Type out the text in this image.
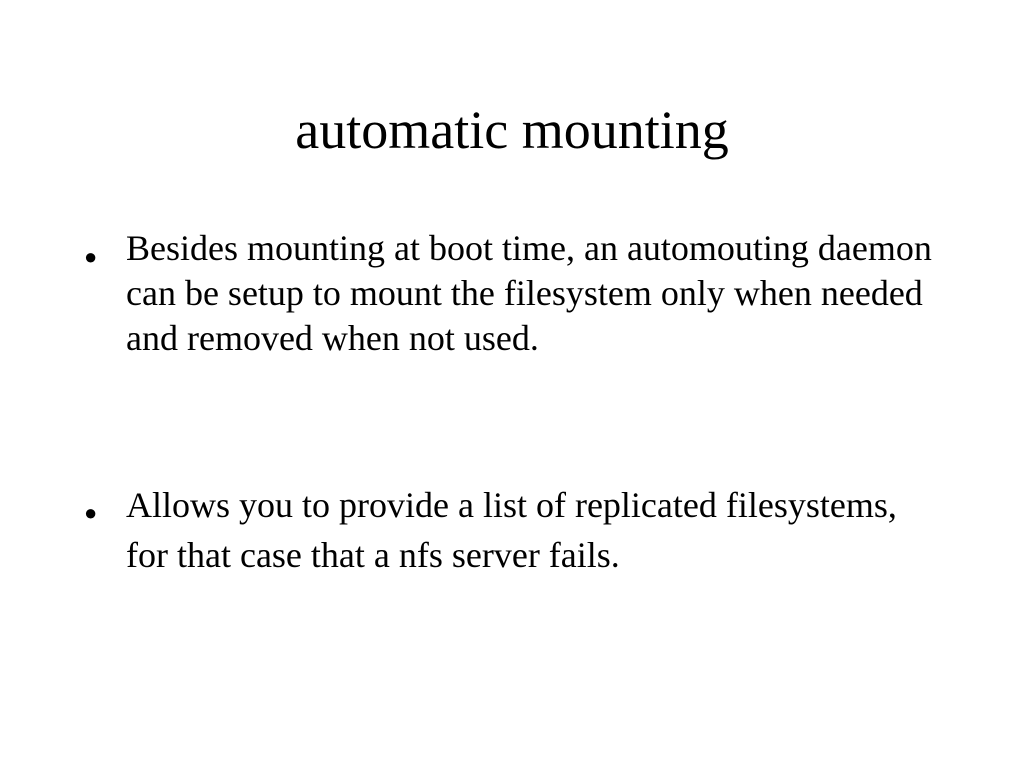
automatic mounting
● Besides mounting at boot time, an automouting daemon can be setup to mount the filesystem only when needed and removed when not used.

● Allows you to provide a list of replicated filesystems, for that case that a nfs server fails.
